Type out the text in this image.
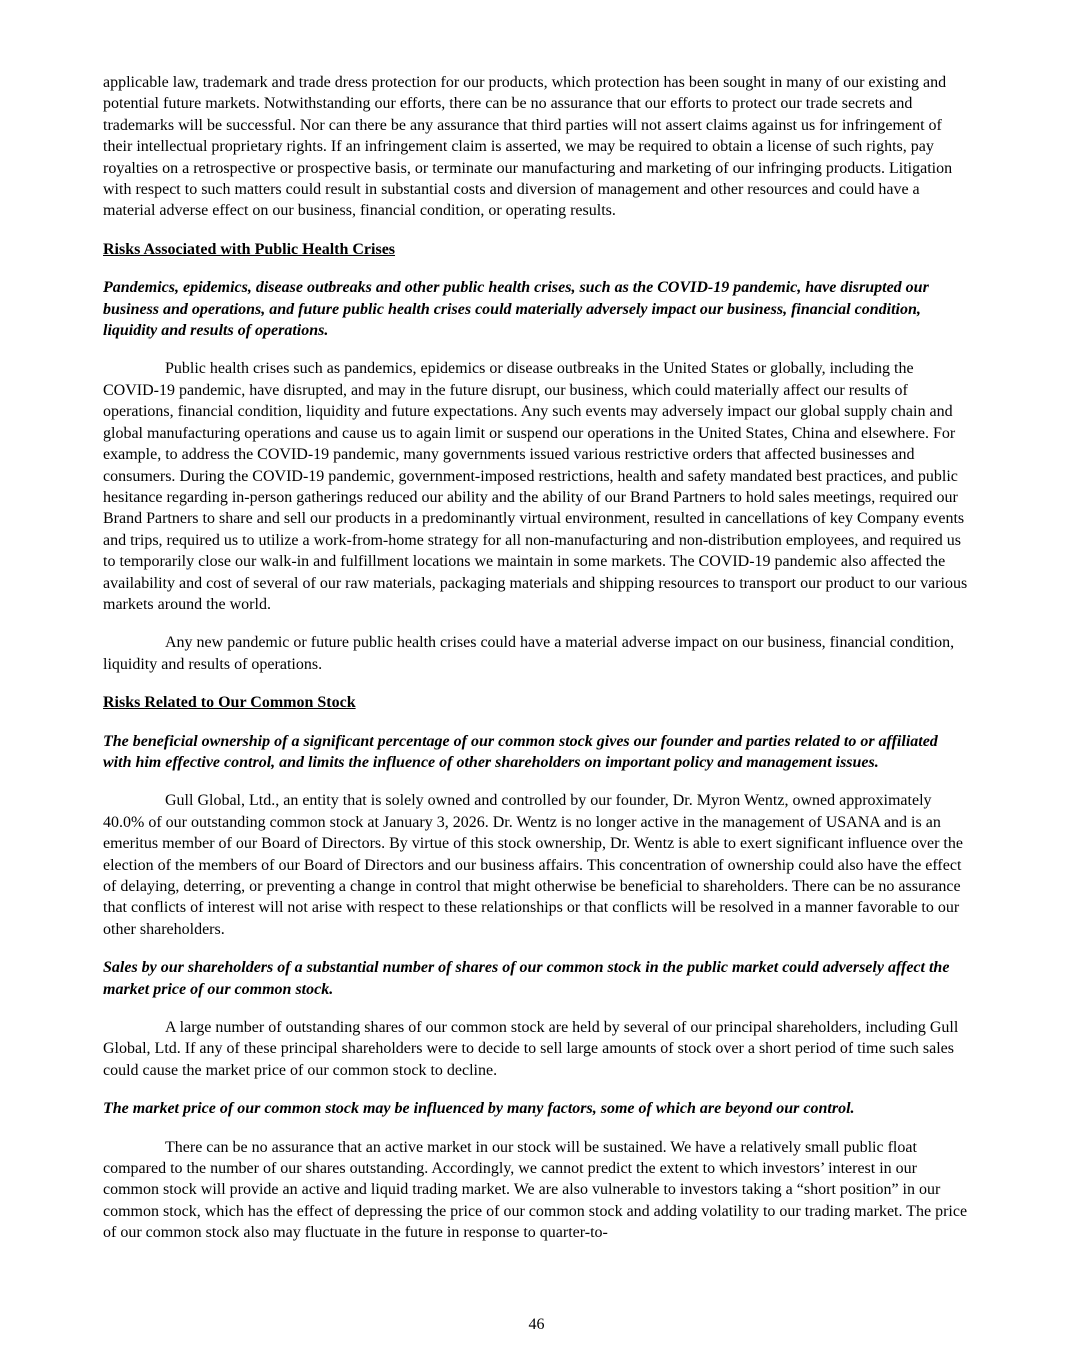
applicable law, trademark and trade dress protection for our products, which protection has been sought in many of our existing and potential future markets. Notwithstanding our efforts, there can be no assurance that our efforts to protect our trade secrets and trademarks will be successful. Nor can there be any assurance that third parties will not assert claims against us for infringement of their intellectual proprietary rights. If an infringement claim is asserted, we may be required to obtain a license of such rights, pay royalties on a retrospective or prospective basis, or terminate our manufacturing and marketing of our infringing products. Litigation with respect to such matters could result in substantial costs and diversion of management and other resources and could have a material adverse effect on our business, financial condition, or operating results.

Risks Associated with Public Health Crises

Pandemics, epidemics, disease outbreaks and other public health crises, such as the COVID-19 pandemic, have disrupted our business and operations, and future public health crises could materially adversely impact our business, financial condition, liquidity and results of operations.

Public health crises such as pandemics, epidemics or disease outbreaks in the United States or globally, including the COVID-19 pandemic, have disrupted, and may in the future disrupt, our business, which could materially affect our results of operations, financial condition, liquidity and future expectations. Any such events may adversely impact our global supply chain and global manufacturing operations and cause us to again limit or suspend our operations in the United States, China and elsewhere. For example, to address the COVID-19 pandemic, many governments issued various restrictive orders that affected businesses and consumers. During the COVID-19 pandemic, government-imposed restrictions, health and safety mandated best practices, and public hesitance regarding in-person gatherings reduced our ability and the ability of our Brand Partners to hold sales meetings, required our Brand Partners to share and sell our products in a predominantly virtual environment, resulted in cancellations of key Company events and trips, required us to utilize a work-from-home strategy for all non-manufacturing and non-distribution employees, and required us to temporarily close our walk-in and fulfillment locations we maintain in some markets. The COVID-19 pandemic also affected the availability and cost of several of our raw materials, packaging materials and shipping resources to transport our product to our various markets around the world.

Any new pandemic or future public health crises could have a material adverse impact on our business, financial condition, liquidity and results of operations.

Risks Related to Our Common Stock

The beneficial ownership of a significant percentage of our common stock gives our founder and parties related to or affiliated with him effective control, and limits the influence of other shareholders on important policy and management issues.

Gull Global, Ltd., an entity that is solely owned and controlled by our founder, Dr. Myron Wentz, owned approximately 40.0% of our outstanding common stock at January 3, 2026. Dr. Wentz is no longer active in the management of USANA and is an emeritus member of our Board of Directors. By virtue of this stock ownership, Dr. Wentz is able to exert significant influence over the election of the members of our Board of Directors and our business affairs. This concentration of ownership could also have the effect of delaying, deterring, or preventing a change in control that might otherwise be beneficial to shareholders. There can be no assurance that conflicts of interest will not arise with respect to these relationships or that conflicts will be resolved in a manner favorable to our other shareholders.

Sales by our shareholders of a substantial number of shares of our common stock in the public market could adversely affect the market price of our common stock.

A large number of outstanding shares of our common stock are held by several of our principal shareholders, including Gull Global, Ltd. If any of these principal shareholders were to decide to sell large amounts of stock over a short period of time such sales could cause the market price of our common stock to decline.

The market price of our common stock may be influenced by many factors, some of which are beyond our control.

There can be no assurance that an active market in our stock will be sustained. We have a relatively small public float compared to the number of our shares outstanding. Accordingly, we cannot predict the extent to which investors’ interest in our common stock will provide an active and liquid trading market. We are also vulnerable to investors taking a “short position” in our common stock, which has the effect of depressing the price of our common stock and adding volatility to our trading market. The price of our common stock also may fluctuate in the future in response to quarter-to-

46
